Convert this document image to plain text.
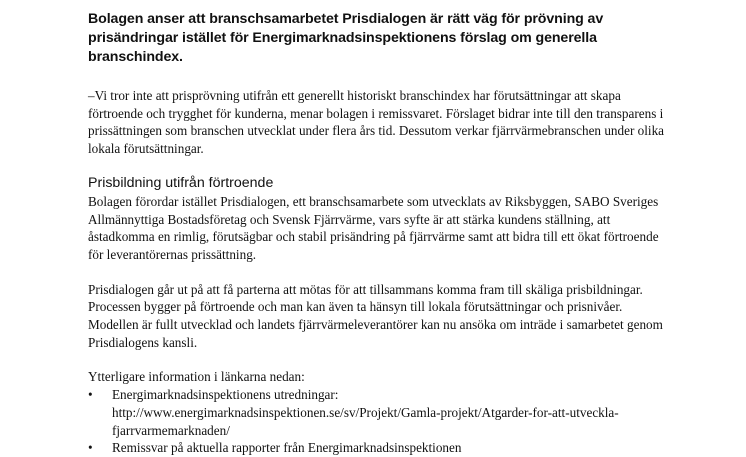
Bolagen anser att branschsamarbetet Prisdialogen är rätt väg för prövning av prisändringar istället för Energimarknadsinspektionens förslag om generella branschindex.

–Vi tror inte att prisprövning utifrån ett generellt historiskt branschindex har förutsättningar att skapa förtroende och trygghet för kunderna, menar bolagen i remissvaret. Förslaget bidrar inte till den transparens i prissättningen som branschen utvecklat under flera års tid. Dessutom verkar fjärrvärmebranschen under olika lokala förutsättningar.

Prisbildning utifrån förtroende

Bolagen förordar istället Prisdialogen, ett branschsamarbete som utvecklats av Riksbyggen, SABO Sveriges Allmännyttiga Bostadsföretag och Svensk Fjärrvärme, vars syfte är att stärka kundens ställning, att åstadkomma en rimlig, förutsägbar och stabil prisändring på fjärrvärme samt att bidra till ett ökat förtroende för leverantörernas prissättning.

Prisdialogen går ut på att få parterna att mötas för att tillsammans komma fram till skäliga prisbildningar. Processen bygger på förtroende och man kan även ta hänsyn till lokala förutsättningar och prisnivåer. Modellen är fullt utvecklad och landets fjärrvärmeleverantörer kan nu ansöka om inträde i samarbetet genom Prisdialogens kansli.

Ytterligare information i länkarna nedan:

• Energimarknadsinspektionens utredningar:
http://www.energimarknadsinspektionen.se/sv/Projekt/Gamla-projekt/Atgarder-for-att-utveckla-fjarrvarmemarknaden/
• Remissvar på aktuella rapporter från Energimarknadsinspektionen
